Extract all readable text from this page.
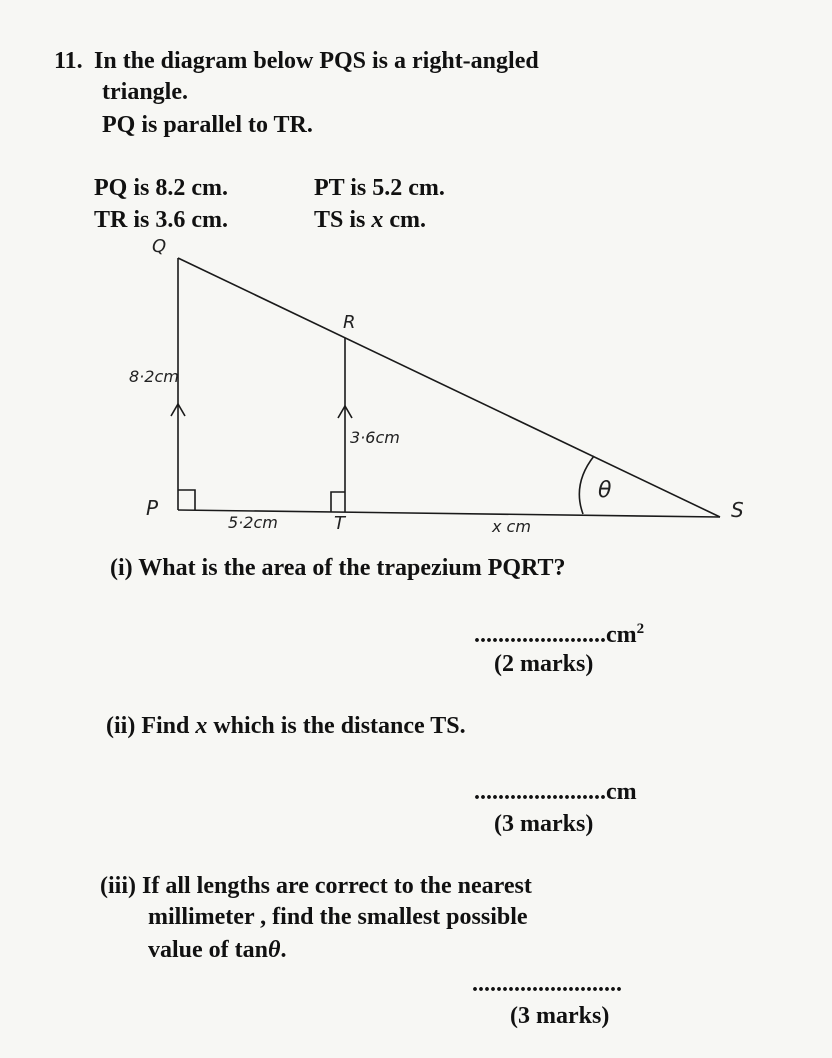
11. In the diagram below PQS is a right-angled
triangle.
PQ is parallel to TR.
PQ is 8.2 cm.
TR is 3.6 cm.
PT is 5.2 cm.
TS is x cm.
Q
R
P
T
S
θ
8·2cm
3·6cm
5·2cm	x cm
(i) What is the area of the trapezium PQRT?
$......................cm^2$
(2 marks)
(ii) Find x which is the distance TS.
......................cm
(3 marks)
(iii) If all lengths are correct to the nearest
millimeter , find the smallest possible
value of tanθ.
.........................
(3 marks)
